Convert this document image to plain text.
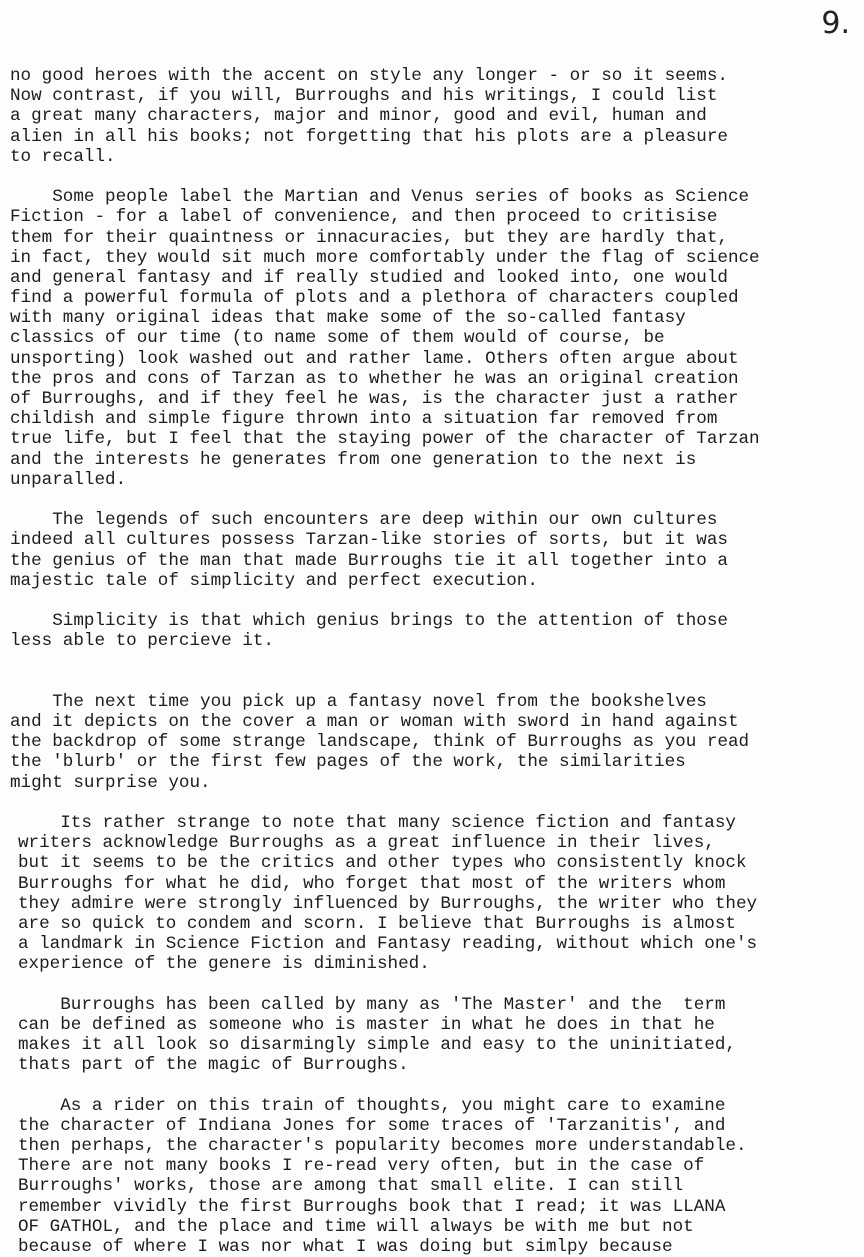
9.
no good heroes with the accent on style any longer - or so it seems.
Now contrast, if you will, Burroughs and his writings, I could list
a great many characters, major and minor, good and evil, human and
alien in all his books; not forgetting that his plots are a pleasure
to recall.
Some people label the Martian and Venus series of books as Science
Fiction - for a label of convenience, and then proceed to critisise
them for their quaintness or innacuracies, but they are hardly that,
in fact, they would sit much more comfortably under the flag of science
and general fantasy and if really studied and looked into, one would
find a powerful formula of plots and a plethora of characters coupled
with many original ideas that make some of the so-called fantasy
classics of our time (to name some of them would of course, be
unsporting) look washed out and rather lame. Others often argue about
the pros and cons of Tarzan as to whether he was an original creation
of Burroughs, and if they feel he was, is the character just a rather
childish and simple figure thrown into a situation far removed from
true life, but I feel that the staying power of the character of Tarzan
and the interests he generates from one generation to the next is
unparalled.
The legends of such encounters are deep within our own cultures
indeed all cultures possess Tarzan-like stories of sorts, but it was
the genius of the man that made Burroughs tie it all together into a
majestic tale of simplicity and perfect execution.
Simplicity is that which genius brings to the attention of those
less able to percieve it.
The next time you pick up a fantasy novel from the bookshelves
and it depicts on the cover a man or woman with sword in hand against
the backdrop of some strange landscape, think of Burroughs as you read
the 'blurb' or the first few pages of the work, the similarities
might surprise you.
Its rather strange to note that many science fiction and fantasy
writers acknowledge Burroughs as a great influence in their lives,
but it seems to be the critics and other types who consistently knock
Burroughs for what he did, who forget that most of the writers whom
they admire were strongly influenced by Burroughs, the writer who they
are so quick to condem and scorn. I believe that Burroughs is almost
a landmark in Science Fiction and Fantasy reading, without which one's
experience of the genere is diminished.
Burroughs has been called by many as 'The Master' and the  term
can be defined as someone who is master in what he does in that he
makes it all look so disarmingly simple and easy to the uninitiated,
thats part of the magic of Burroughs.
As a rider on this train of thoughts, you might care to examine
the character of Indiana Jones for some traces of 'Tarzanitis', and
then perhaps, the character's popularity becomes more understandable.
There are not many books I re-read very often, but in the case of
Burroughs' works, those are among that small elite. I can still
remember vividly the first Burroughs book that I read; it was LLANA
OF GATHOL, and the place and time will always be with me but not
because of where I was nor what I was doing but simlpy because
